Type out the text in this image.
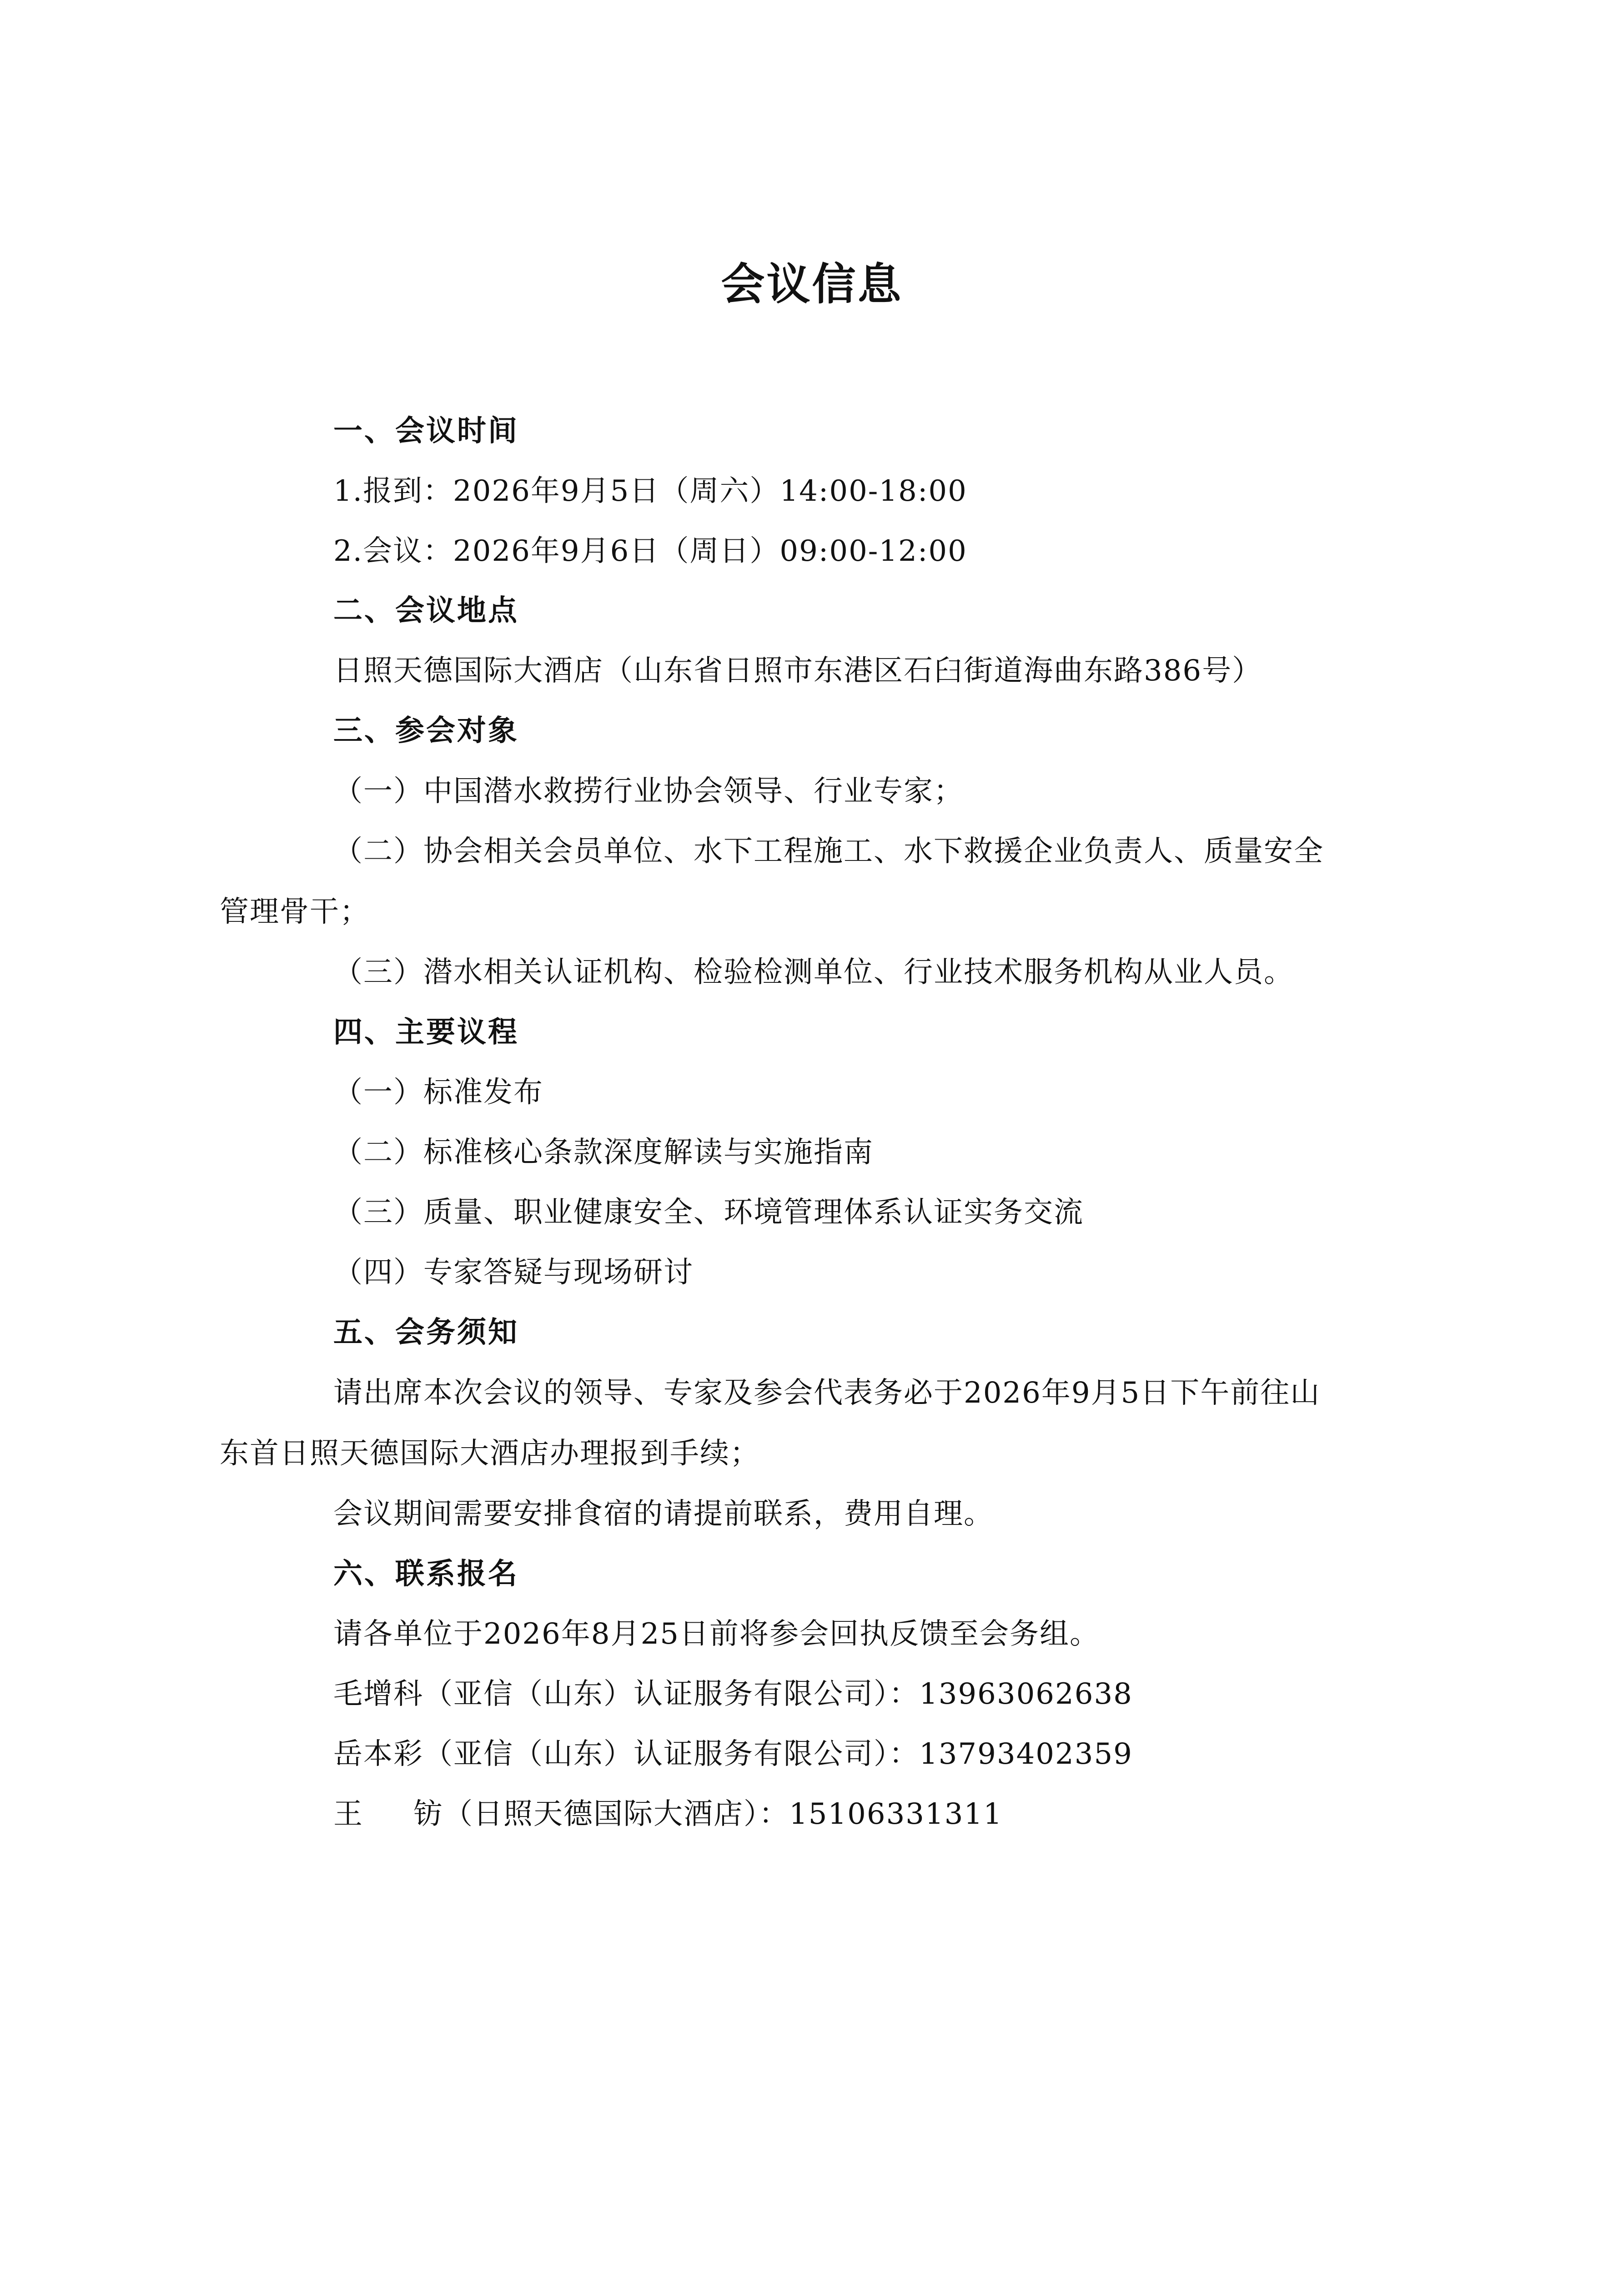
会议信息
一、会议时间
1.报到：2026年9月5日（周六）14:00-18:00
2.会议：2026年9月6日（周日）09:00-12:00
二、会议地点
日照天德国际大酒店（山东省日照市东港区石臼街道海曲东路386号）
三、参会对象
（一）中国潜水救捞行业协会领导、行业专家；
（二）协会相关会员单位、水下工程施工、水下救援企业负责人、质量安全
管理骨干；
（三）潜水相关认证机构、检验检测单位、行业技术服务机构从业人员。
四、主要议程
（一）标准发布
（二）标准核心条款深度解读与实施指南
（三）质量、职业健康安全、环境管理体系认证实务交流
（四）专家答疑与现场研讨
五、会务须知
请出席本次会议的领导、专家及参会代表务必于2026年9月5日下午前往山
东首日照天德国际大酒店办理报到手续；
会议期间需要安排食宿的请提前联系，费用自理。
六、联系报名
请各单位于2026年8月25日前将参会回执反馈至会务组。
毛增科（亚信（山东）认证服务有限公司）：13963062638
岳本彩（亚信（山东）认证服务有限公司）：13793402359
王 钫（日照天德国际大酒店）：15106331311
